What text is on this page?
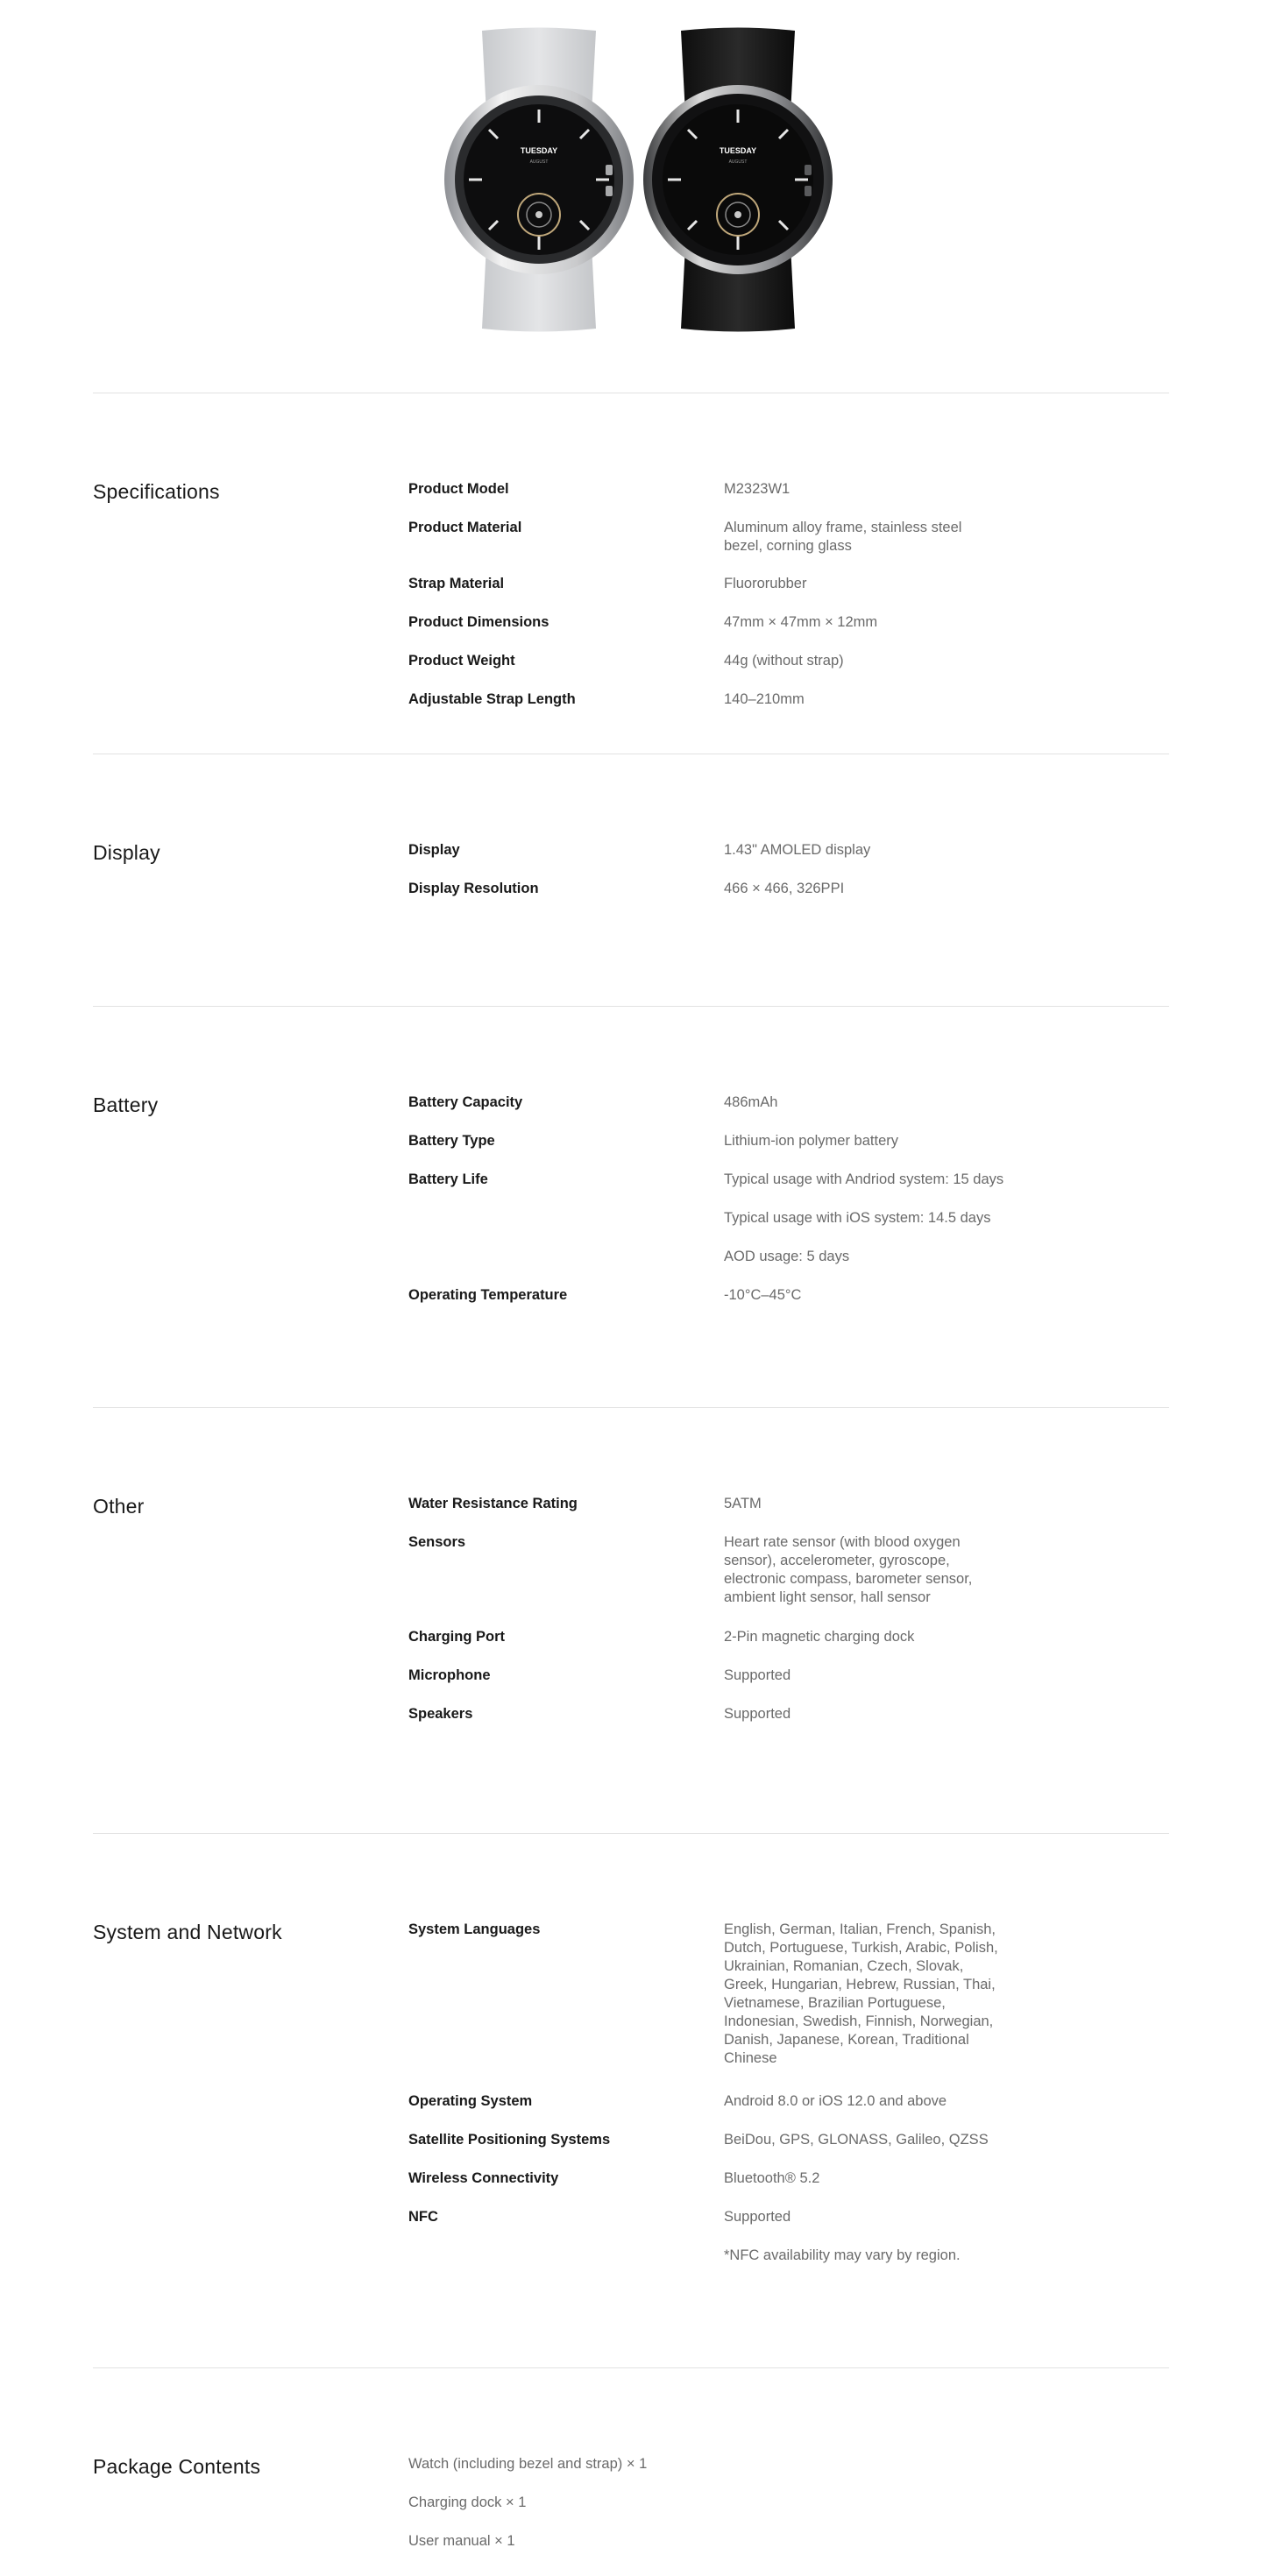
TUESDAY
AUGUST
TUESDAY
AUGUST
Specifications	Product Model	M2323W1
Product Material	Aluminum alloy frame, stainless steel bezel, corning glass
Strap Material	Fluororubber
Product Dimensions	47mm × 47mm × 12mm
Product Weight	44g (without strap)
Adjustable Strap Length	140–210mm
Display	Display	1.43" AMOLED display
Display Resolution	466 × 466, 326PPI
Battery	Battery Capacity	486mAh
Battery Type	Lithium-ion polymer battery
Battery Life	Typical usage with Andriod system: 15 days
Typical usage with iOS system: 14.5 days
AOD usage: 5 days
Operating Temperature	-10°C–45°C
Other	Water Resistance Rating	5ATM
Sensors	Heart rate sensor (with blood oxygen sensor), accelerometer, gyroscope, electronic compass, barometer sensor, ambient light sensor, hall sensor
Charging Port	2-Pin magnetic charging dock
Microphone	Supported
Speakers	Supported
System and Network	System Languages	English, German, Italian, French, Spanish, Dutch, Portuguese, Turkish, Arabic, Polish, Ukrainian, Romanian, Czech, Slovak, Greek, Hungarian, Hebrew, Russian, Thai, Vietnamese, Brazilian Portuguese, Indonesian, Swedish, Finnish, Norwegian, Danish, Japanese, Korean, Traditional Chinese
Operating System	Android 8.0 or iOS 12.0 and above
Satellite Positioning Systems	BeiDou, GPS, GLONASS, Galileo, QZSS
Wireless Connectivity	Bluetooth® 5.2
NFC	Supported
*NFC availability may vary by region.
Package Contents	Watch (including bezel and strap) × 1
Charging dock × 1
User manual × 1
